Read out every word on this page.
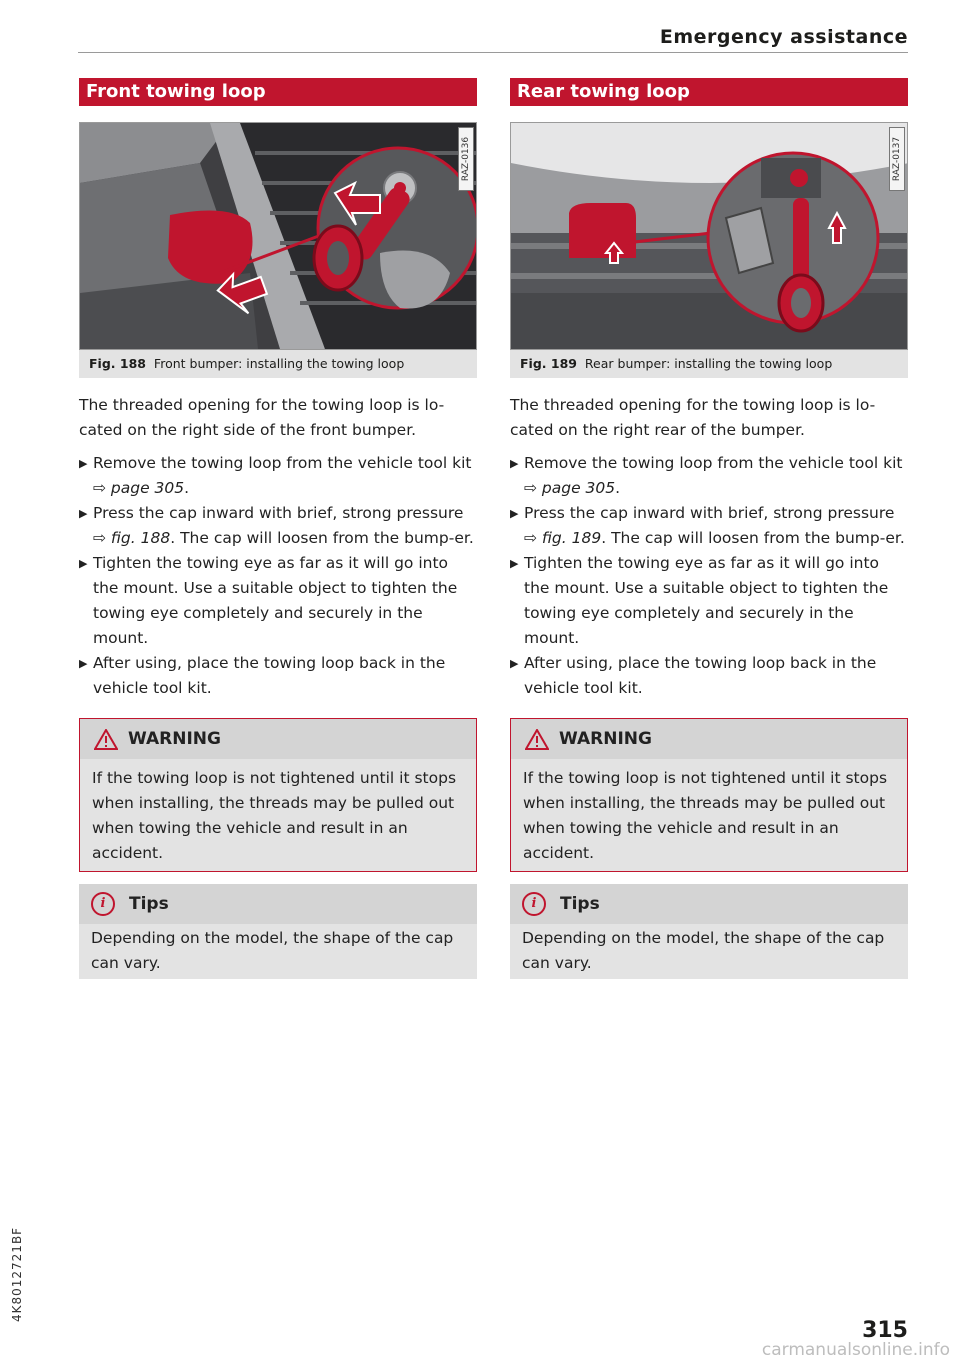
Emergency assistance
Front towing loop
RAZ-0136
Fig. 188 Front bumper: installing the towing loop
The threaded opening for the towing loop is lo-cated on the right side of the front bumper.
▶ Remove the towing loop from the vehicle tool kit ⇨ page 305.
▶ Press the cap inward with brief, strong pressure ⇨ fig. 188. The cap will loosen from the bump-er.
▶ Tighten the towing eye as far as it will go into the mount. Use a suitable object to tighten the towing eye completely and securely in the mount.
▶ After using, place the towing loop back in the vehicle tool kit.
WARNING
If the towing loop is not tightened until it stops when installing, the threads may be pulled out when towing the vehicle and result in an accident.
i	Tips
Depending on the model, the shape of the cap can vary.
Rear towing loop
RAZ-0137
Fig. 189 Rear bumper: installing the towing loop
The threaded opening for the towing loop is lo-cated on the right rear of the bumper.
▶ Remove the towing loop from the vehicle tool kit ⇨ page 305.
▶ Press the cap inward with brief, strong pressure ⇨ fig. 189. The cap will loosen from the bump-er.
▶ Tighten the towing eye as far as it will go into the mount. Use a suitable object to tighten the towing eye completely and securely in the mount.
▶ After using, place the towing loop back in the vehicle tool kit.
WARNING
If the towing loop is not tightened until it stops when installing, the threads may be pulled out when towing the vehicle and result in an accident.
i	Tips
Depending on the model, the shape of the cap can vary.
4K8012721BF
315
carmanualsonline.info
